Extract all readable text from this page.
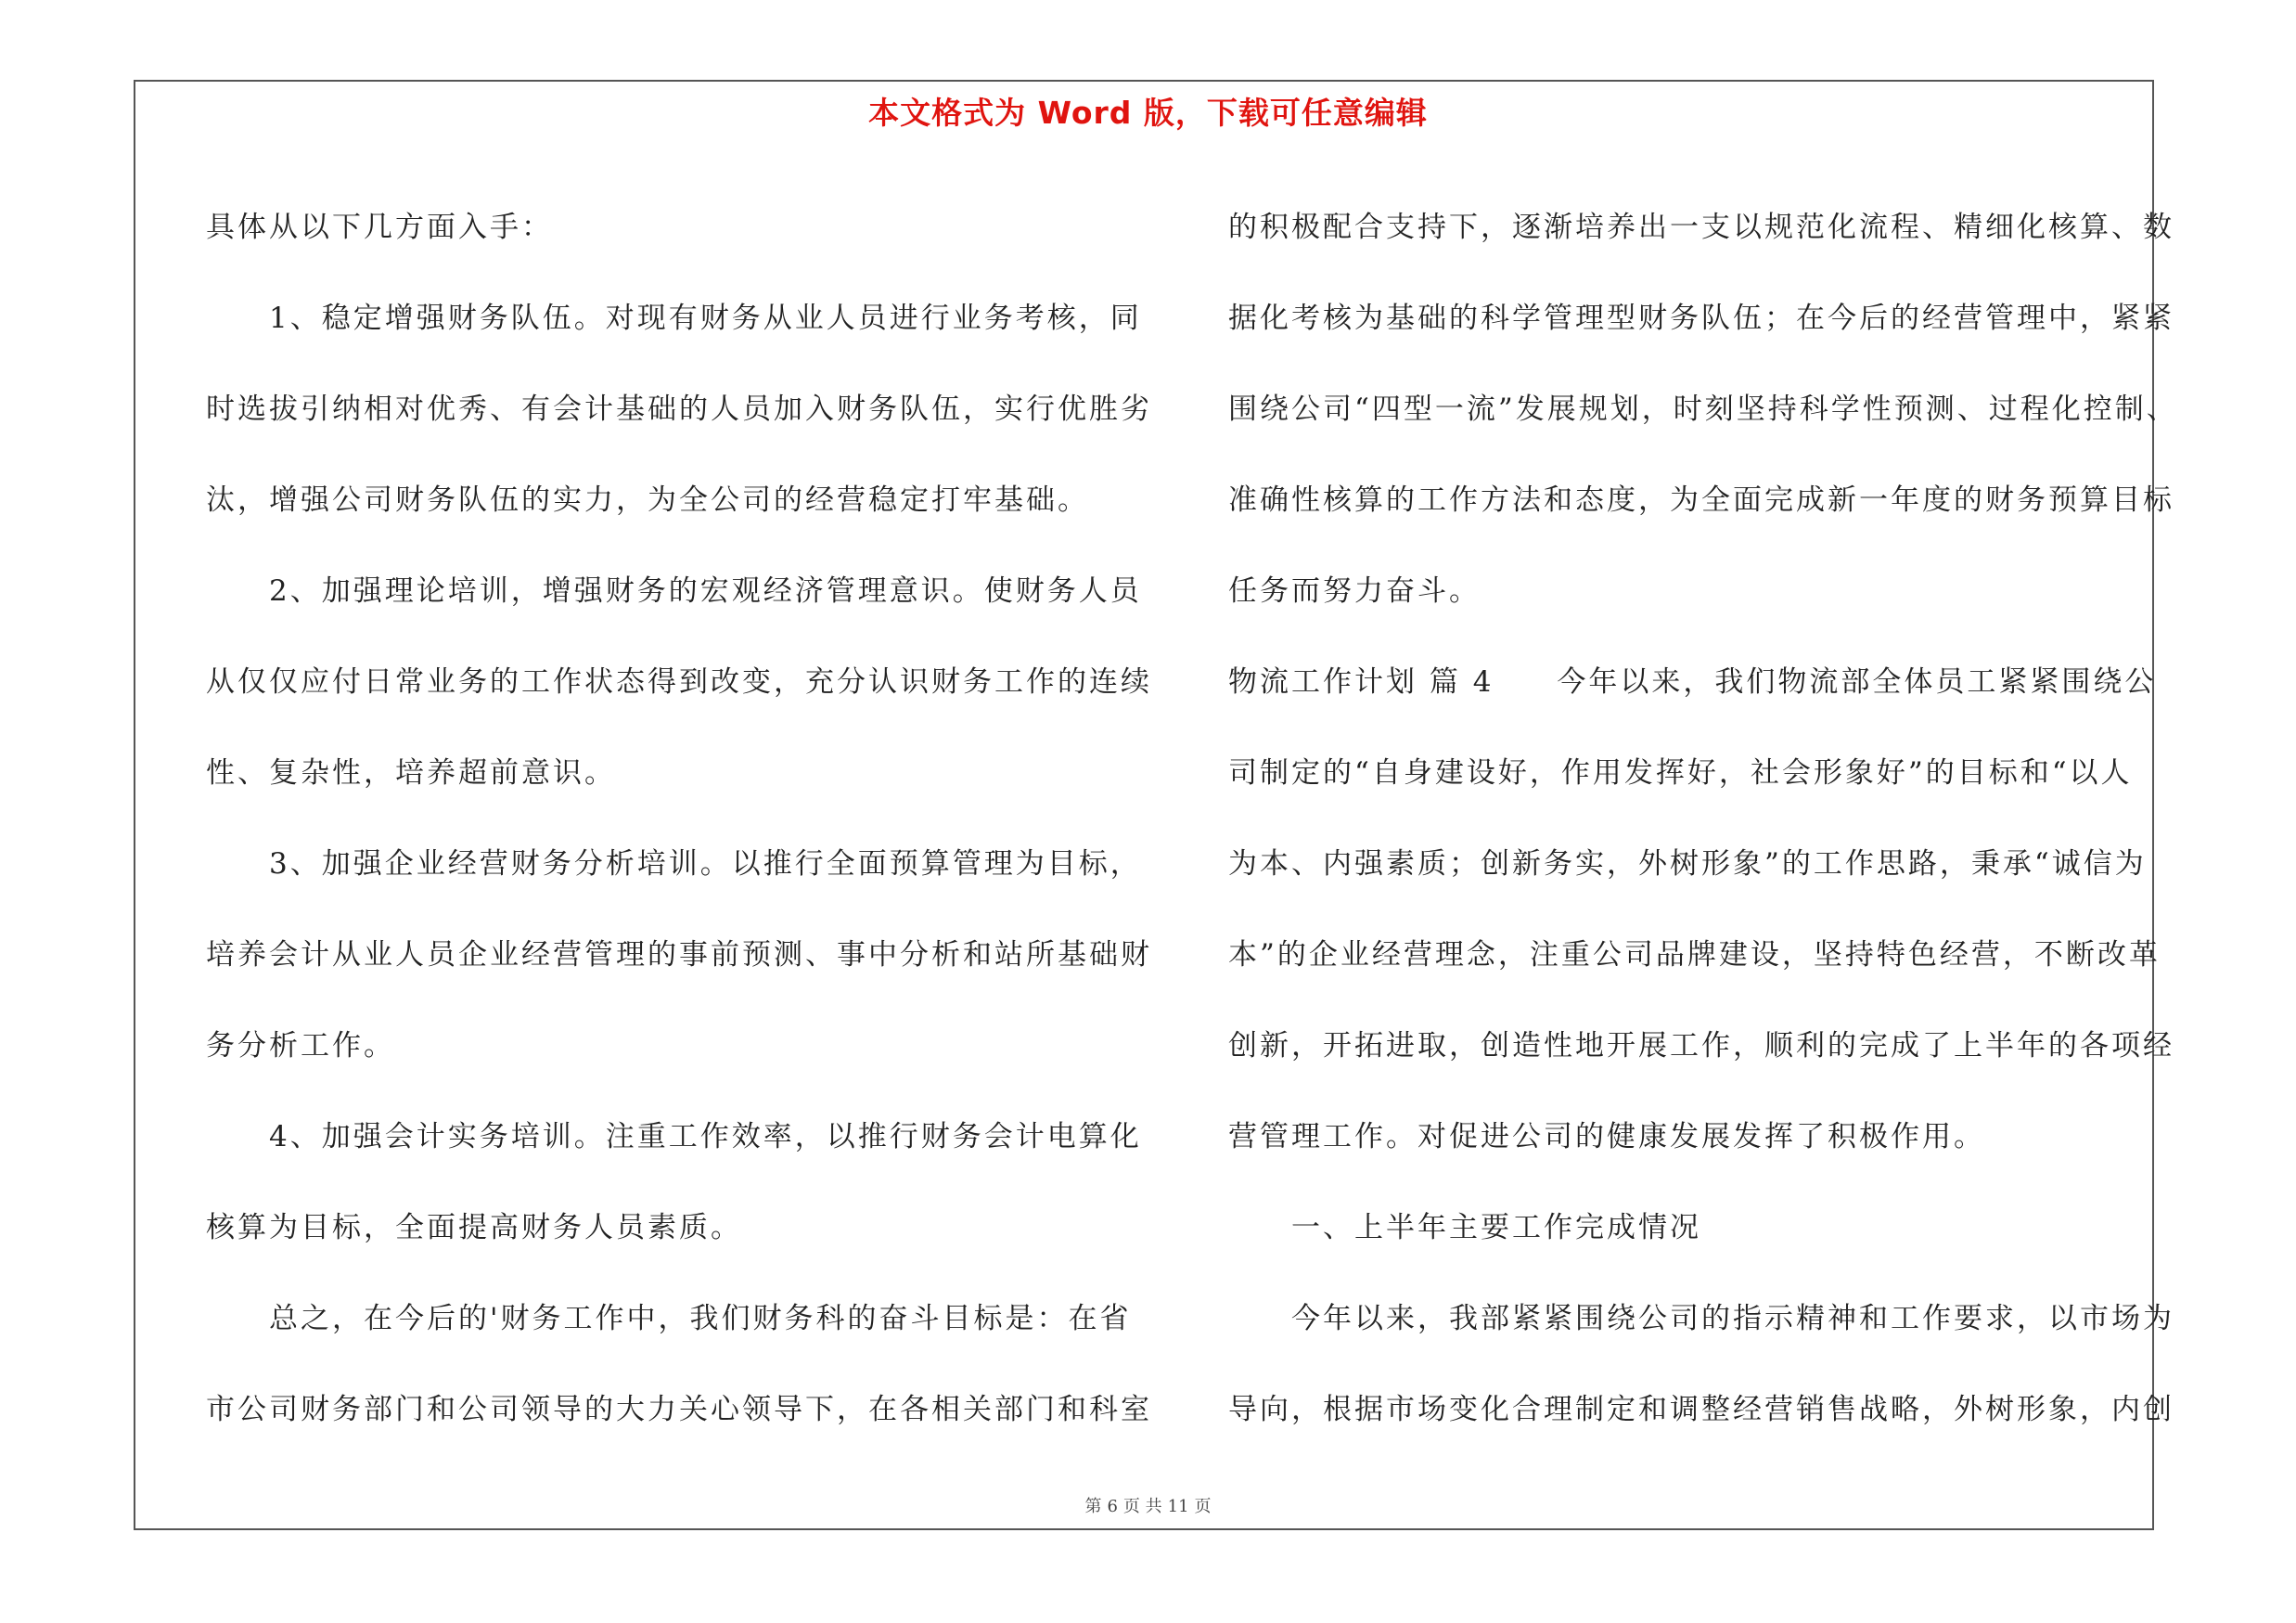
本文格式为 Word 版，下载可任意编辑
具体从以下几方面入手：
　　1、稳定增强财务队伍。对现有财务从业人员进行业务考核，同
时选拔引纳相对优秀、有会计基础的人员加入财务队伍，实行优胜劣
汰，增强公司财务队伍的实力，为全公司的经营稳定打牢基础。
　　2、加强理论培训，增强财务的宏观经济管理意识。使财务人员
从仅仅应付日常业务的工作状态得到改变，充分认识财务工作的连续
性、复杂性，培养超前意识。
　　3、加强企业经营财务分析培训。以推行全面预算管理为目标，
培养会计从业人员企业经营管理的事前预测、事中分析和站所基础财
务分析工作。
　　4、加强会计实务培训。注重工作效率，以推行财务会计电算化
核算为目标，全面提高财务人员素质。
　　总之，在今后的'财务工作中，我们财务科的奋斗目标是：在省
市公司财务部门和公司领导的大力关心领导下，在各相关部门和科室
的积极配合支持下，逐渐培养出一支以规范化流程、精细化核算、数
据化考核为基础的科学管理型财务队伍；在今后的经营管理中，紧紧
围绕公司“四型一流”发展规划，时刻坚持科学性预测、过程化控制、
准确性核算的工作方法和态度，为全面完成新一年度的财务预算目标
任务而努力奋斗。
物流工作计划 篇 4　　今年以来，我们物流部全体员工紧紧围绕公
司制定的“自身建设好，作用发挥好，社会形象好”的目标和“以人
为本、内强素质；创新务实，外树形象”的工作思路，秉承“诚信为
本”的企业经营理念，注重公司品牌建设，坚持特色经营，不断改革
创新，开拓进取，创造性地开展工作，顺利的完成了上半年的各项经
营管理工作。对促进公司的健康发展发挥了积极作用。
　　一、上半年主要工作完成情况
　　今年以来，我部紧紧围绕公司的指示精神和工作要求，以市场为
导向，根据市场变化合理制定和调整经营销售战略，外树形象，内创
第 6 页 共 11 页
